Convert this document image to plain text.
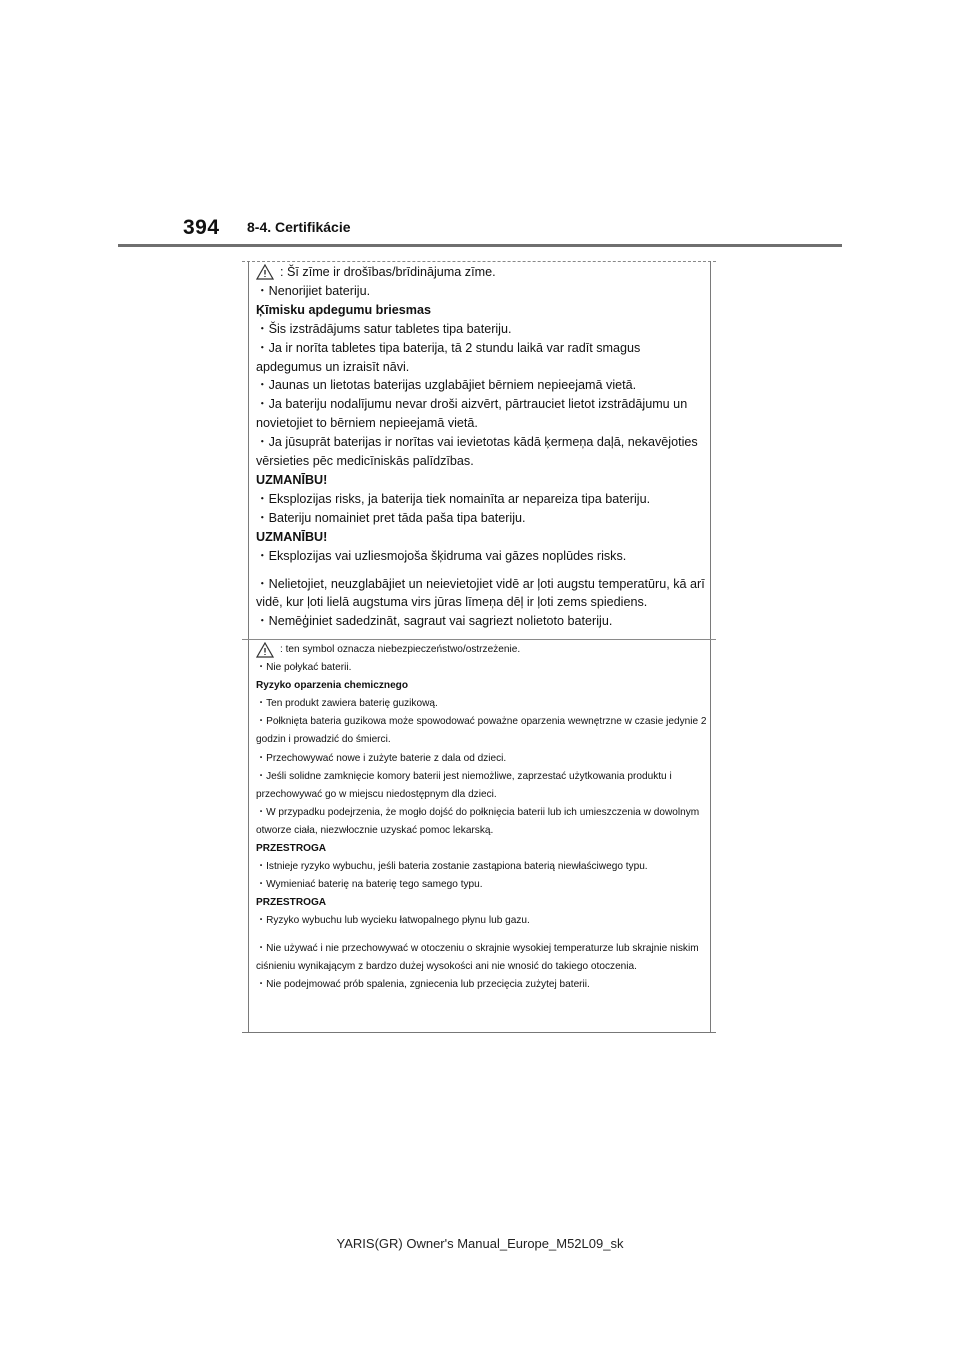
394 8-4. Certifikácie
: Šī zīme ir drošības/brīdinājuma zīme.
・Nenorijiet bateriju.
Ķīmisku apdegumu briesmas
・Šis izstrādājums satur tabletes tipa bateriju.
・Ja ir norīta tabletes tipa baterija, tā 2 stundu laikā var radīt smagus apdegumus un izraisīt nāvi.
・Jaunas un lietotas baterijas uzglabājiet bērniem nepieejamā vietā.
・Ja bateriju nodalījumu nevar droši aizvērt, pārtrauciet lietot izstrādājumu un novietojiet to bērniem nepieejamā vietā.
・Ja jūsuprāt baterijas ir norītas vai ievietotas kādā ķermeņa daļā, nekavējoties vērsieties pēc medicīniskās palīdzības.
UZMANĪBU!
・Eksplozijas risks, ja baterija tiek nomainīta ar nepareiza tipa bateriju.
・Bateriju nomainiet pret tāda paša tipa bateriju.
UZMANĪBU!
・Eksplozijas vai uzliesmojoša šķidruma vai gāzes noplūdes risks.
・Nelietojiet, neuzglabājiet un neievietojiet vidē ar ļoti augstu temperatūru, kā arī vidē, kur ļoti lielā augstuma virs jūras līmeņa dēļ ir ļoti zems spiediens.
・Nemēģiniet sadedzināt, sagraut vai sagriezt nolietoto bateriju.
: ten symbol oznacza niebezpieczeństwo/ostrzeżenie.
・Nie połykać baterii.
Ryzyko oparzenia chemicznego
・Ten produkt zawiera baterię guzikową.
・Połknięta bateria guzikowa może spowodować poważne oparzenia wewnętrzne w czasie jedynie 2 godzin i prowadzić do śmierci.
・Przechowywać nowe i zużyte baterie z dala od dzieci.
・Jeśli solidne zamknięcie komory baterii jest niemożliwe, zaprzestać użytkowania produktu i przechowywać go w miejscu niedostępnym dla dzieci.
・W przypadku podejrzenia, że mogło dojść do połknięcia baterii lub ich umieszczenia w dowolnym otworze ciała, niezwłocznie uzyskać pomoc lekarską.
PRZESTROGA
・Istnieje ryzyko wybuchu, jeśli bateria zostanie zastąpiona baterią niewłaściwego typu.
・Wymieniać baterię na baterię tego samego typu.
PRZESTROGA
・Ryzyko wybuchu lub wycieku łatwopalnego płynu lub gazu.
・Nie używać i nie przechowywać w otoczeniu o skrajnie wysokiej temperaturze lub skrajnie niskim ciśnieniu wynikającym z bardzo dużej wysokości ani nie wnosić do takiego otoczenia.
・Nie podejmować prób spalenia, zgniecenia lub przecięcia zużytej baterii.
YARIS(GR) Owner's Manual_Europe_M52L09_sk
